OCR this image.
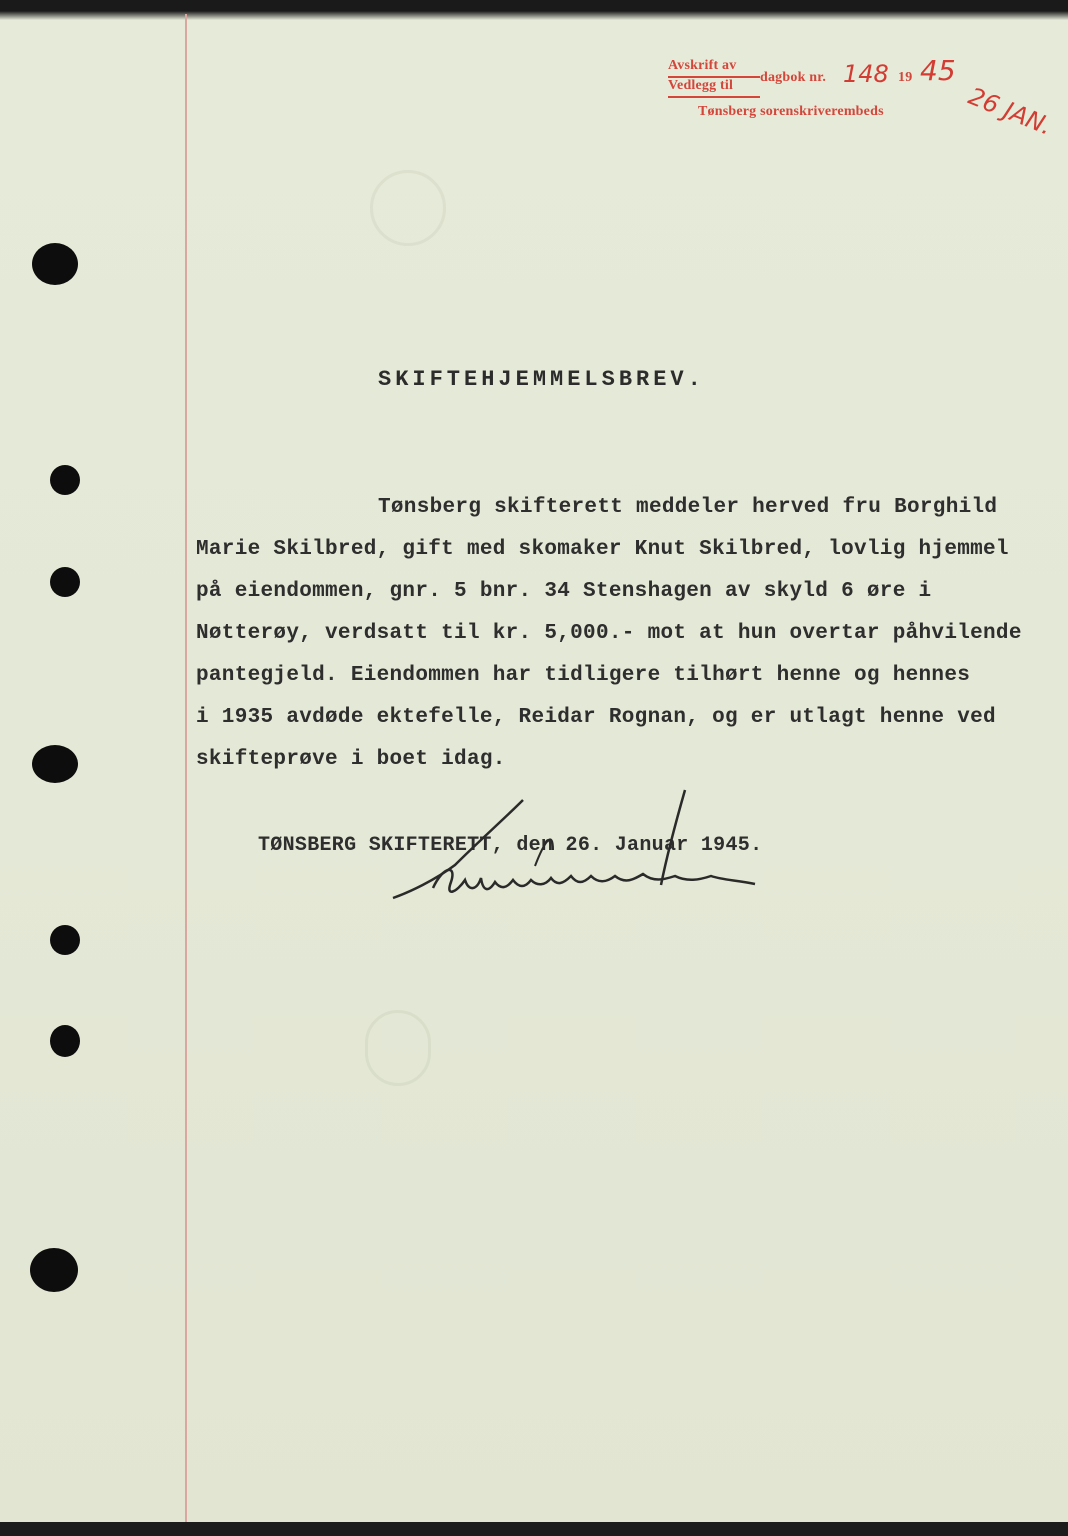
Avskrift av
Vedlegg til
dagbok nr.	19
Tønsberg sorenskriverembeds
148 45
26 JAN.
SKIFTEHJEMMELSBREV.
Tønsberg skifterett meddeler herved fru Borghild
Marie Skilbred, gift med skomaker Knut Skilbred, lovlig hjemmel
på eiendommen, gnr. 5 bnr. 34 Stenshagen av skyld 6 øre i
Nøtterøy, verdsatt til kr. 5,000.- mot at hun overtar påhvilende
pantegjeld. Eiendommen har tidligere tilhørt henne og hennes
i 1935 avdøde ektefelle, Reidar Rognan, og er utlagt henne ved
skifteprøve i boet idag.
TØNSBERG SKIFTERETT, den 26. Januar 1945.
